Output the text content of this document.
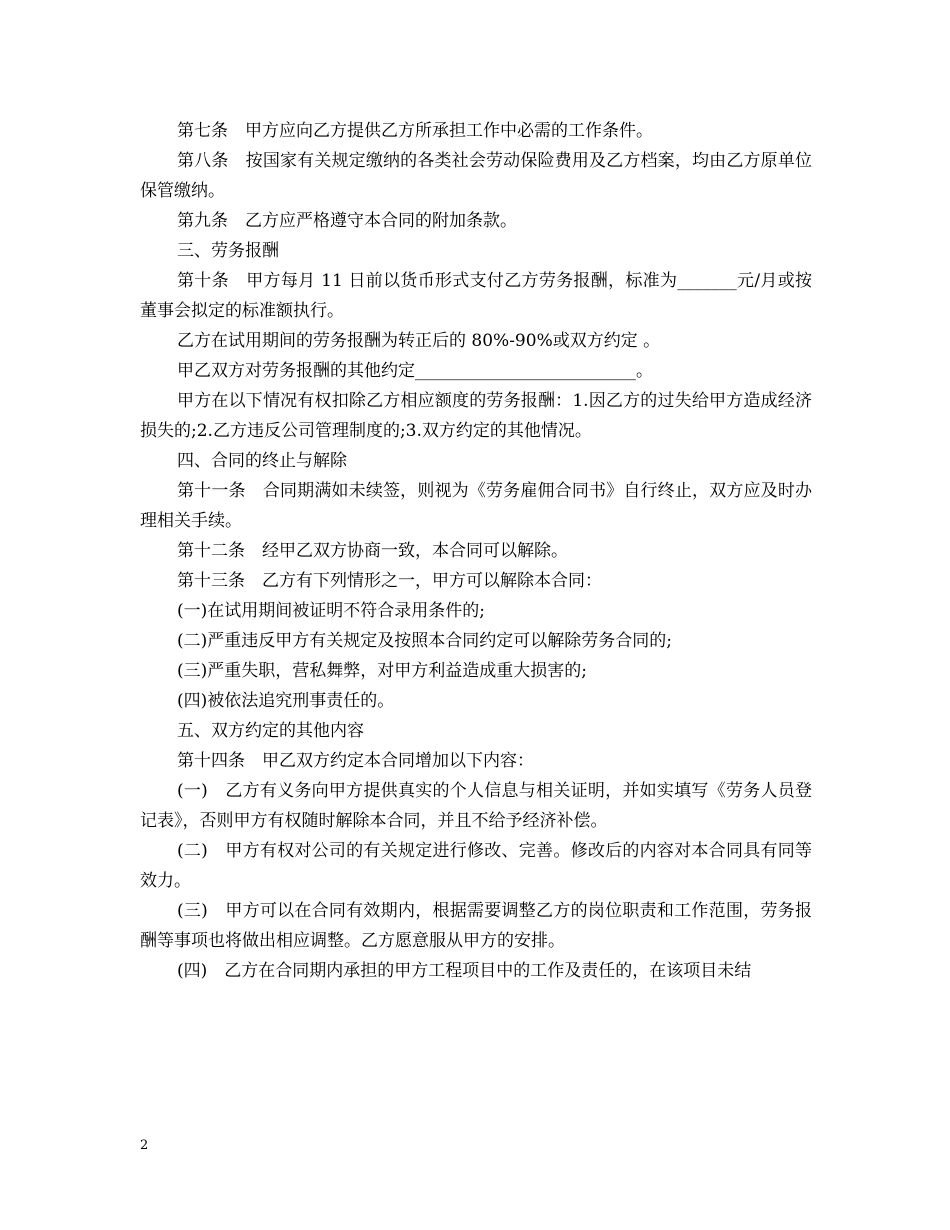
第七条　甲方应向乙方提供乙方所承担工作中必需的工作条件。

第八条　按国家有关规定缴纳的各类社会劳动保险费用及乙方档案，均由乙方原单位保管缴纳。

第九条　乙方应严格遵守本合同的附加条款。

三、劳务报酬

第十条　甲方每月 11 日前以货币形式支付乙方劳务报酬，标准为_______元/月或按董事会拟定的标准额执行。

乙方在试用期间的劳务报酬为转正后的 80%-90%或双方约定 。

甲乙双方对劳务报酬的其他约定__________________________。

甲方在以下情况有权扣除乙方相应额度的劳务报酬：1.因乙方的过失给甲方造成经济损失的;2.乙方违反公司管理制度的;3.双方约定的其他情况。

四、合同的终止与解除

第十一条　合同期满如未续签，则视为《劳务雇佣合同书》自行终止，双方应及时办理相关手续。

第十二条　经甲乙双方协商一致，本合同可以解除。

第十三条　乙方有下列情形之一，甲方可以解除本合同：

(一)在试用期间被证明不符合录用条件的;

(二)严重违反甲方有关规定及按照本合同约定可以解除劳务合同的;

(三)严重失职，营私舞弊，对甲方利益造成重大损害的;

(四)被依法追究刑事责任的。

五、双方约定的其他内容

第十四条　甲乙双方约定本合同增加以下内容：

(一)　乙方有义务向甲方提供真实的个人信息与相关证明，并如实填写《劳务人员登记表》，否则甲方有权随时解除本合同，并且不给予经济补偿。

(二)　甲方有权对公司的有关规定进行修改、完善。修改后的内容对本合同具有同等效力。

(三)　甲方可以在合同有效期内，根据需要调整乙方的岗位职责和工作范围，劳务报酬等事项也将做出相应调整。乙方愿意服从甲方的安排。

(四)　乙方在合同期内承担的甲方工程项目中的工作及责任的，在该项目未结

2
